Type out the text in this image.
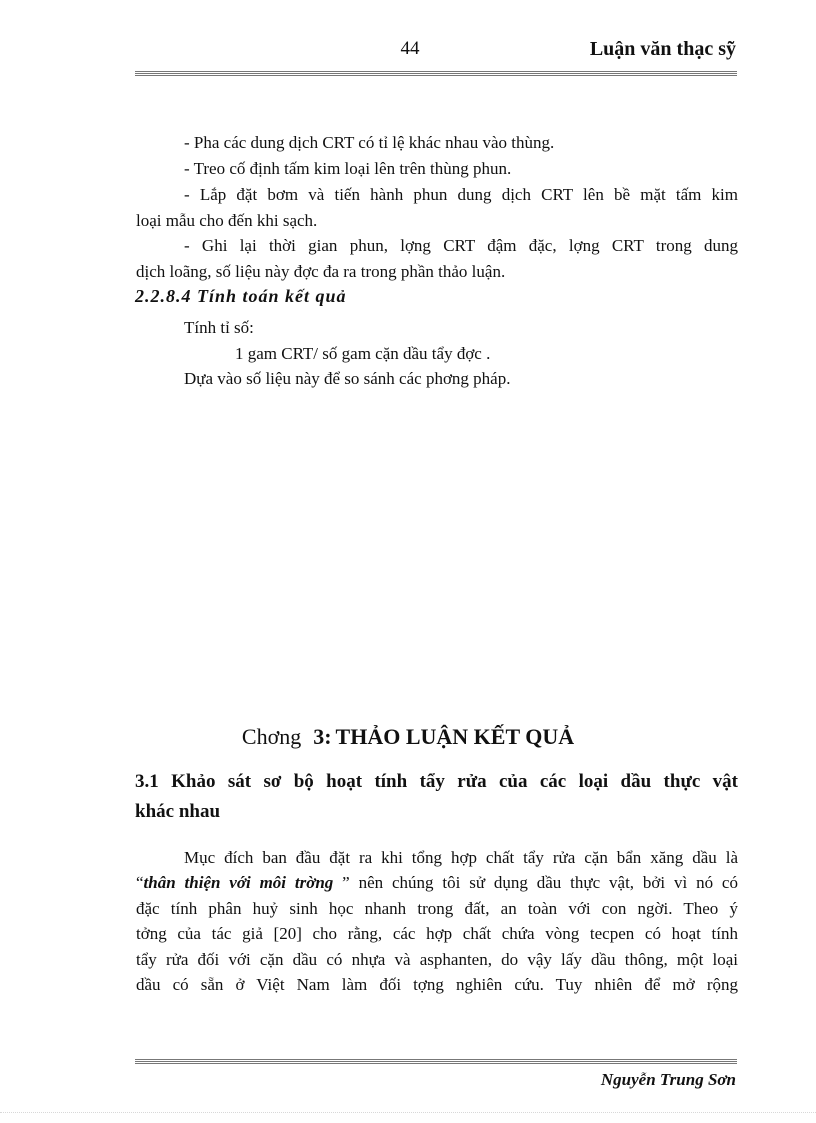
44	Luận văn thạc sỹ
- Pha các dung dịch CRT có tỉ lệ khác nhau vào thùng.
- Treo cố định tấm kim loại lên trên thùng phun.
- Lắp đặt bơm và tiến hành phun dung dịch CRT lên bề mặt tấm kim
loại mẫu cho đến khi sạch.
- Ghi lại thời gian phun, lợng CRT đậm đặc, lợng CRT trong dung
dịch loãng, số liệu này đợc đa ra trong phần thảo luận.
2.2.8.4 Tính toán kết quả
Tính tỉ số:
1 gam CRT/ số gam cặn dầu tẩy đợc .
Dựa vào số liệu này để so sánh các phơng pháp.
Chơng 3: THẢO LUẬN KẾT QUẢ
3.1 Khảo sát sơ bộ hoạt tính tẩy rửa của các loại dầu thực vật
khác nhau
Mục đích ban đầu đặt ra khi tổng hợp chất tẩy rửa cặn bẩn xăng dầu là
“thân thiện với môi trờng ” nên chúng tôi sử dụng dầu thực vật, bởi vì nó có
đặc tính phân huỷ sinh học nhanh trong đất, an toàn với con ngời. Theo ý
tởng của tác giả [20] cho rằng, các hợp chất chứa vòng tecpen có hoạt tính
tẩy rửa đối với cặn dầu có nhựa và asphanten, do vậy lấy dầu thông, một loại
dầu có sẵn ở Việt Nam làm đối tợng nghiên cứu. Tuy nhiên để mở rộng
Nguyễn Trung Sơn
